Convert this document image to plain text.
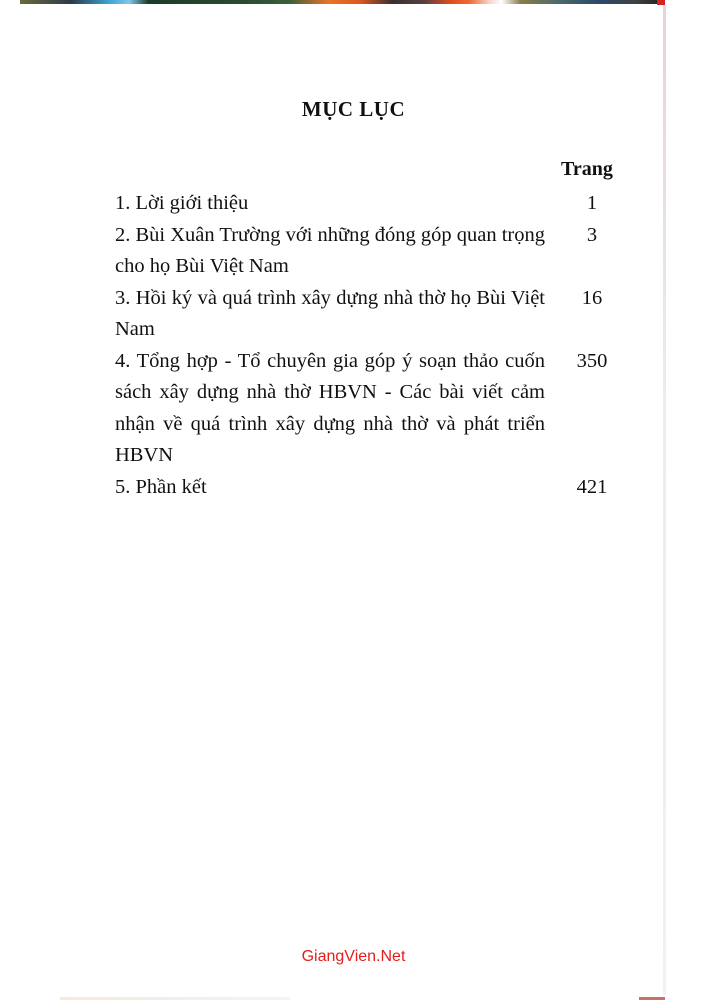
MỤC LỤC
Trang
1. Lời giới thiệu	1
2. Bùi Xuân Trường với những đóng góp quan trọng cho họ Bùi Việt Nam
3
3. Hồi ký và quá trình xây dựng nhà thờ họ Bùi Việt Nam
16
4. Tổng hợp - Tổ chuyên gia góp ý soạn thảo cuốn sách xây dựng nhà thờ HBVN - Các bài viết cảm nhận về quá trình xây dựng nhà thờ và phát triển HBVN
350
5. Phần kết	421
GiangVien.Net
